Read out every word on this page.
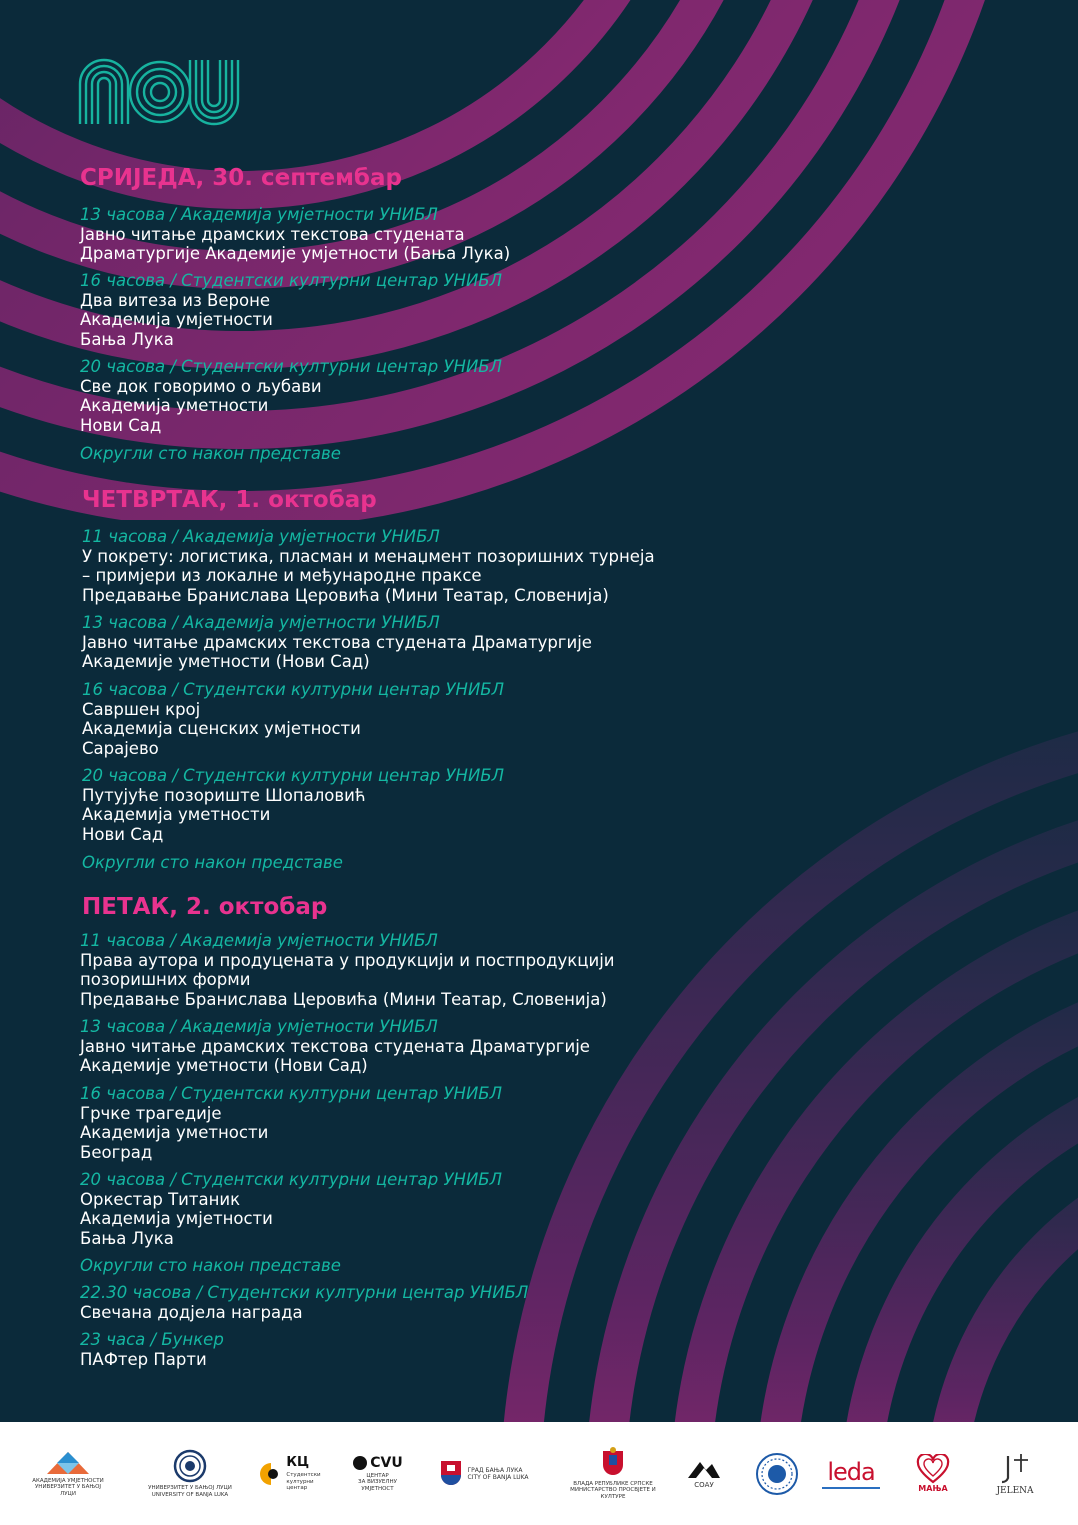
СРИЈЕДА, 30. септембар
13 часова / Академија умјетности УНИБЛ
Јавно читање драмских текстова студената
Драматургије Академије умјетности (Бања Лука)
16 часова / Студентски културни центар УНИБЛ
Два витеза из Вероне
Академија умјетности
Бања Лука
20 часова / Студентски културни центар УНИБЛ
Све док говоримо о љубави
Академија уметности
Нови Сад
Округли сто након представе
ЧЕТВРТАК, 1. октобар
11 часова / Академија умјетности УНИБЛ
У покрету: логистика, пласман и менаџмент позоришних турнеја
– примјери из локалне и међународне праксе
Предавање Бранислава Церовића (Мини Театар, Словенија)
13 часова / Академија умјетности УНИБЛ
Јавно читање драмских текстова студената Драматургије
Академије уметности (Нови Сад)
16 часова / Студентски културни центар УНИБЛ
Савршен крој
Академија сценских умјетности
Сарајево
20 часова / Студентски културни центар УНИБЛ
Путујуће позориште Шопаловић
Академија уметности
Нови Сад
Округли сто након представе
ПЕТАК, 2. октобар
11 часова / Академија умјетности УНИБЛ
Права аутора и продуцената у продукцији и постпродукцији
позоришних форми
Предавање Бранислава Церовића (Мини Театар, Словенија)
13 часова / Академија умјетности УНИБЛ
Јавно читање драмских текстова студената Драматургије
Академије уметности (Нови Сад)
16 часова / Студентски културни центар УНИБЛ
Грчке трагедије
Академија уметности
Београд
20 часова / Студентски културни центар УНИБЛ
Оркестар Титаник
Академија умјетности
Бања Лука
Округли сто након представе
22.30 часова / Студентски културни центар УНИБЛ
Свечана додјела награда
23 часа / Бункер
ПАФтер Парти
АКАДЕМИЈА УМЈЕТНОСТИ
УНИВЕРЗИТЕТ У БАЊОЈ ЛУЦИ
УНИВЕРЗИТЕТ У БАЊОЈ ЛУЦИ
UNIVERSITY OF BANJA LUKA
КЦ
Студентски
културни
центар
CVU
ЦЕНТАР
ЗА ВИЗУЕЛНУ
УМЈЕТНОСТ
ГРАД БАЊА ЛУКА
CITY OF BANJA LUKA
ВЛАДА РЕПУБЛИКЕ СРПСКЕ
МИНИСТАРСТВО ПРОСВЈЕТЕ И КУЛТУРЕ
СОАУ	leda
МАЊА	JELENA
